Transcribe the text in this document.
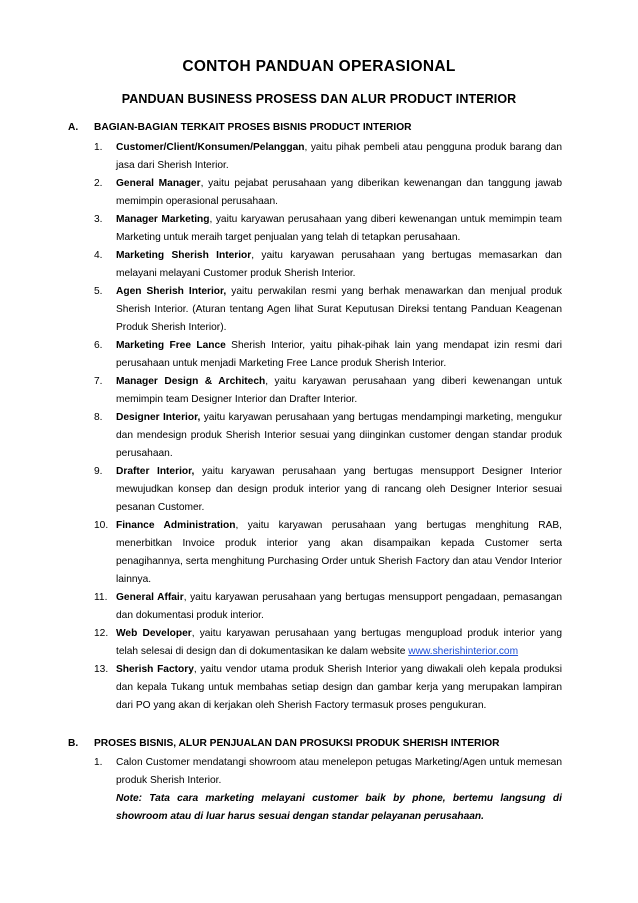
CONTOH PANDUAN OPERASIONAL
PANDUAN BUSINESS PROSESS DAN ALUR PRODUCT INTERIOR
A. BAGIAN-BAGIAN TERKAIT PROSES BISNIS PRODUCT INTERIOR
1. Customer/Client/Konsumen/Pelanggan, yaitu pihak pembeli atau pengguna produk barang dan jasa dari Sherish Interior.
2. General Manager, yaitu pejabat perusahaan yang diberikan kewenangan dan tanggung jawab memimpin operasional perusahaan.
3. Manager Marketing, yaitu karyawan perusahaan yang diberi kewenangan untuk memimpin team Marketing untuk meraih target penjualan yang telah di tetapkan perusahaan.
4. Marketing Sherish Interior, yaitu karyawan perusahaan yang bertugas memasarkan dan melayani melayani Customer produk Sherish Interior.
5. Agen Sherish Interior, yaitu perwakilan resmi yang berhak menawarkan dan menjual produk Sherish Interior. (Aturan tentang Agen lihat Surat Keputusan Direksi tentang Panduan Keagenan Produk Sherish Interior).
6. Marketing Free Lance Sherish Interior, yaitu pihak-pihak lain yang mendapat izin resmi dari perusahaan untuk menjadi Marketing Free Lance produk Sherish Interior.
7. Manager Design & Architech, yaitu karyawan perusahaan yang diberi kewenangan untuk memimpin team Designer Interior dan Drafter Interior.
8. Designer Interior, yaitu karyawan perusahaan yang bertugas mendampingi marketing, mengukur dan mendesign produk Sherish Interior sesuai yang diinginkan customer dengan standar produk perusahaan.
9. Drafter Interior, yaitu karyawan perusahaan yang bertugas mensupport Designer Interior mewujudkan konsep dan design produk interior yang di rancang oleh Designer Interior sesuai pesanan Customer.
10. Finance Administration, yaitu karyawan perusahaan yang bertugas menghitung RAB, menerbitkan Invoice produk interior yang akan disampaikan kepada Customer serta penagihannya, serta menghitung Purchasing Order untuk Sherish Factory dan atau Vendor Interior lainnya.
11. General Affair, yaitu karyawan perusahaan yang bertugas mensupport pengadaan, pemasangan dan dokumentasi produk interior.
12. Web Developer, yaitu karyawan perusahaan yang bertugas mengupload produk interior yang telah selesai di design dan di dokumentasikan ke dalam website www.sherishinterior.com
13. Sherish Factory, yaitu vendor utama produk Sherish Interior yang diwakali oleh kepala produksi dan kepala Tukang untuk membahas setiap design dan gambar kerja yang merupakan lampiran dari PO yang akan di kerjakan oleh Sherish Factory termasuk proses pengukuran.
B. PROSES BISNIS, ALUR PENJUALAN DAN PROSUKSI PRODUK SHERISH INTERIOR
1. Calon Customer mendatangi showroom atau menelepon petugas Marketing/Agen untuk memesan produk Sherish Interior.
Note: Tata cara marketing melayani customer baik by phone, bertemu langsung di showroom atau di luar harus sesuai dengan standar pelayanan perusahaan.
